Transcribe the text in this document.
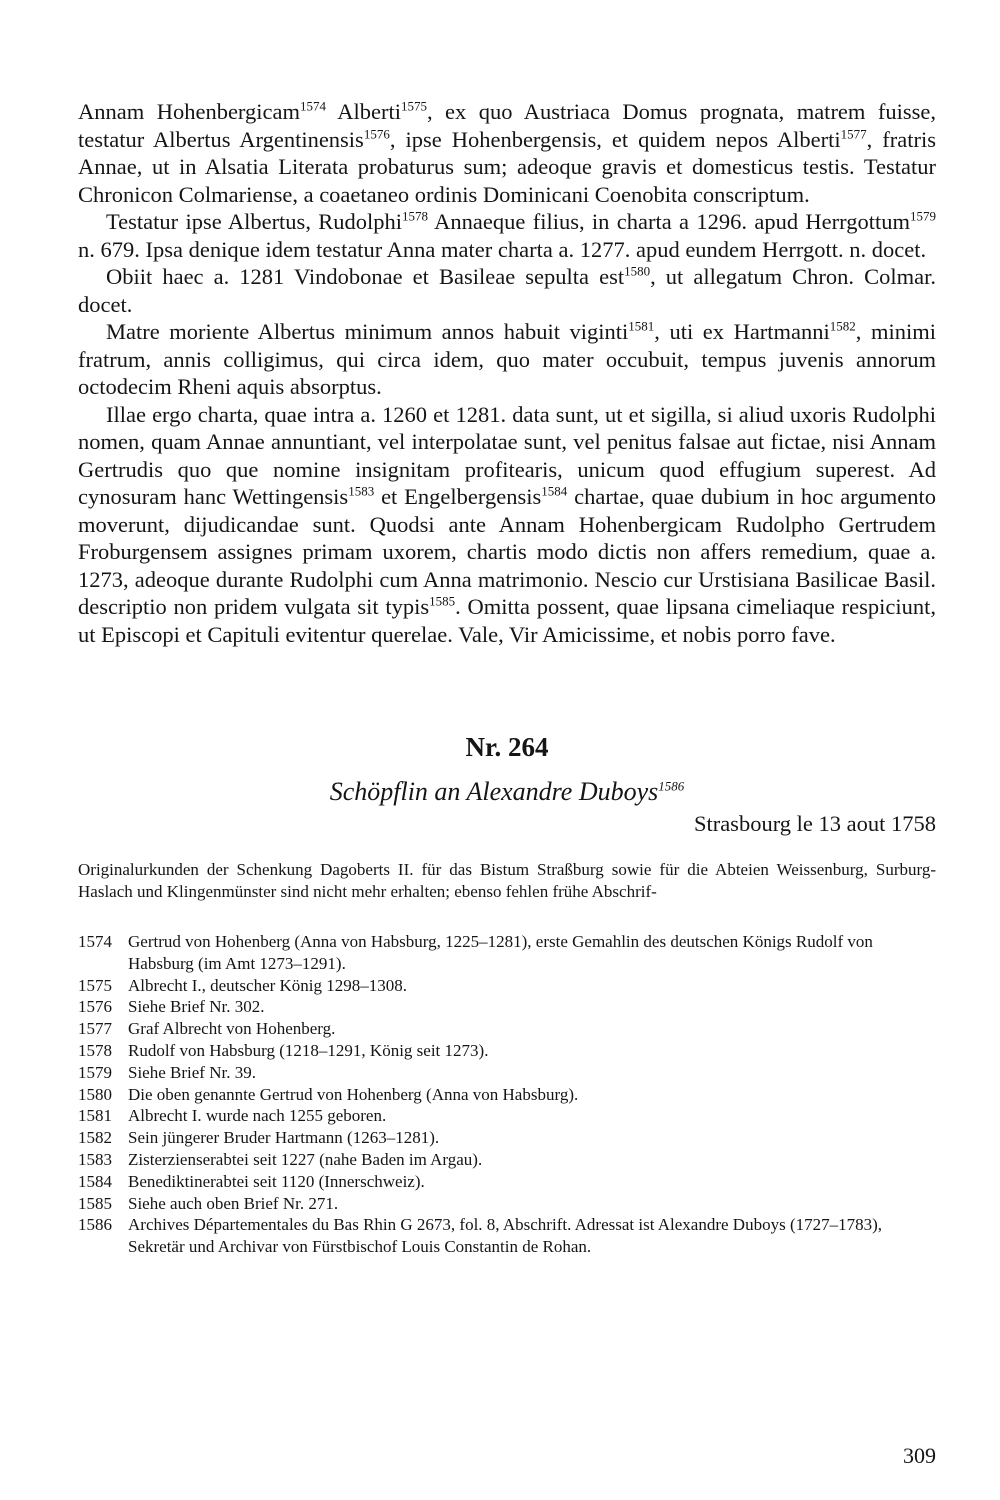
Annam Hohenbergicam$^{1574}$ Alberti$^{1575}$, ex quo Austriaca Domus prognata, matrem fuisse, testatur Albertus Argentinensis$^{1576}$, ipse Hohenbergensis, et quidem nepos Alberti$^{1577}$, fratris Annae, ut in Alsatia Literata probaturus sum; adeoque gravis et domesticus testis. Testatur Chronicon Colmariense, a coaetaneo ordinis Dominicani Coenobita conscriptum.

Testatur ipse Albertus, Rudolphi$^{1578}$ Annaeque filius, in charta a 1296. apud Herrgottum$^{1579}$ n. 679. Ipsa denique idem testatur Anna mater charta a. 1277. apud eundem Herrgott. n. docet.

Obiit haec a. 1281 Vindobonae et Basileae sepulta est$^{1580}$, ut allegatum Chron. Colmar. docet.

Matre moriente Albertus minimum annos habuit viginti$^{1581}$, uti ex Hartmanni$^{1582}$, minimi fratrum, annis colligimus, qui circa idem, quo mater occubuit, tempus juvenis annorum octodecim Rheni aquis absorptus.

Illae ergo charta, quae intra a. 1260 et 1281. data sunt, ut et sigilla, si aliud uxoris Rudolphi nomen, quam Annae annuntiant, vel interpolatae sunt, vel penitus falsae aut fictae, nisi Annam Gertrudis quo que nomine insignitam profitearis, unicum quod effugium superest. Ad cynosuram hanc Wettingensis$^{1583}$ et Engelbergensis$^{1584}$ chartae, quae dubium in hoc argumento moverunt, dijudicandae sunt. Quodsi ante Annam Hohenbergicam Rudolpho Gertrudem Froburgensem assignes primam uxorem, chartis modo dictis non affers remedium, quae a. 1273, adeoque durante Rudolphi cum Anna matrimonio. Nescio cur Urstisiana Basilicae Basil. descriptio non pridem vulgata sit typis$^{1585}$. Omitta possent, quae lipsana cimeliaque respiciunt, ut Episcopi et Capituli evitentur querelae. Vale, Vir Amicissime, et nobis porro fave.

Nr. 264
Schöpflin an Alexandre Duboys$^{1586}$
Strasbourg le 13 aout 1758
Originalurkunden der Schenkung Dagoberts II. für das Bistum Straßburg sowie für die Abteien Weissenburg, Surburg-Haslach und Klingenmünster sind nicht mehr erhalten; ebenso fehlen frühe Abschrif-
1574 Gertrud von Hohenberg (Anna von Habsburg, 1225–1281), erste Gemahlin des deutschen Königs Rudolf von Habsburg (im Amt 1273–1291).
1575 Albrecht I., deutscher König 1298–1308.
1576 Siehe Brief Nr. 302.
1577 Graf Albrecht von Hohenberg.
1578 Rudolf von Habsburg (1218–1291, König seit 1273).
1579 Siehe Brief Nr. 39.
1580 Die oben genannte Gertrud von Hohenberg (Anna von Habsburg).
1581 Albrecht I. wurde nach 1255 geboren.
1582 Sein jüngerer Bruder Hartmann (1263–1281).
1583 Zisterzienserabtei seit 1227 (nahe Baden im Argau).
1584 Benediktinerabtei seit 1120 (Innerschweiz).
1585 Siehe auch oben Brief Nr. 271.
1586 Archives Départementales du Bas Rhin G 2673, fol. 8, Abschrift. Adressat ist Alexandre Duboys (1727–1783), Sekretär und Archivar von Fürstbischof Louis Constantin de Rohan.
309
